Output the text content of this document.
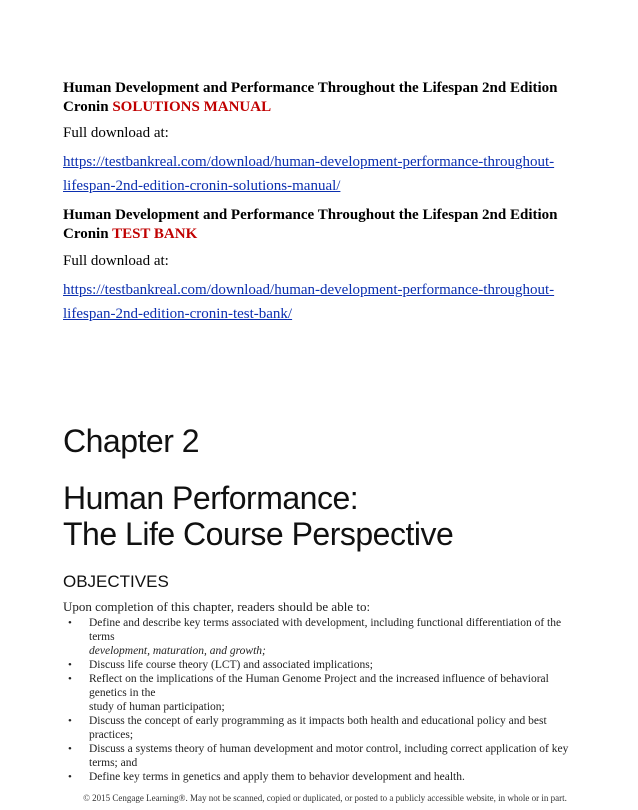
Human Development and Performance Throughout the Lifespan 2nd Edition
Cronin SOLUTIONS MANUAL
Full download at:
https://testbankreal.com/download/human-development-performance-throughout-
lifespan-2nd-edition-cronin-solutions-manual/
Human Development and Performance Throughout the Lifespan 2nd Edition
Cronin TEST BANK
Full download at:
https://testbankreal.com/download/human-development-performance-throughout-
lifespan-2nd-edition-cronin-test-bank/
Chapter 2
Human Performance:
The Life Course Perspective
OBJECTIVES
Upon completion of this chapter, readers should be able to:
• Define and describe key terms associated with development, including functional differentiation of the terms
development, maturation, and growth;
• Discuss life course theory (LCT) and associated implications;
• Reflect on the implications of the Human Genome Project and the increased influence of behavioral genetics in the
study of human participation;
• Discuss the concept of early programming as it impacts both health and educational policy and best practices;
• Discuss a systems theory of human development and motor control, including correct application of key terms; and
• Define key terms in genetics and apply them to behavior development and health.
© 2015 Cengage Learning®. May not be scanned, copied or duplicated, or posted to a publicly accessible website, in whole or in part.
